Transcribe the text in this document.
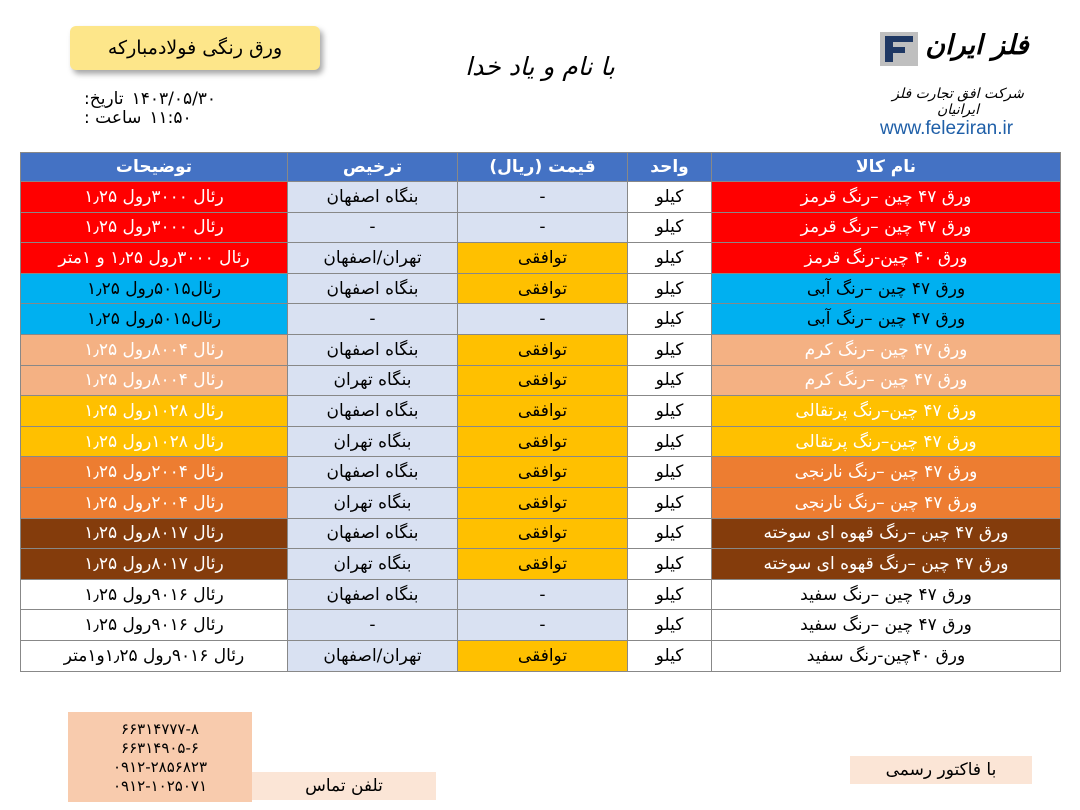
ورق رنگی فولادمبارکه
تاریخ: ۱۴۰۳/۰۵/۳۰
ساعت : ۱۱:۵۰
با نام و یاد خدا
فلز ایران
شرکت افق تجارت فلز ایرانیان
www.feleziran.ir
نام کالا	واحد	قیمت (ریال)	ترخیص	توضیحات
ورق ۴۷ چین –رنگ قرمز	کیلو	-	بنگاه اصفهان	رئال ۳۰۰۰رول ۱٫۲۵
ورق ۴۷ چین –رنگ قرمز	کیلو	-	-	رئال ۳۰۰۰رول ۱٫۲۵
ورق ۴۰ چین-رنگ قرمز	کیلو	توافقی	تهران/اصفهان	رئال ۳۰۰۰رول ۱٫۲۵ و ۱متر
ورق ۴۷ چین –رنگ آبی	کیلو	توافقی	بنگاه اصفهان	رئال۵۰۱۵رول ۱٫۲۵
ورق ۴۷ چین –رنگ آبی	کیلو	-	-	رئال۵۰۱۵رول ۱٫۲۵
ورق ۴۷ چین –رنگ کرم	کیلو	توافقی	بنگاه اصفهان	رئال ۸۰۰۴رول ۱٫۲۵
ورق ۴۷ چین –رنگ کرم	کیلو	توافقی	بنگاه تهران	رئال ۸۰۰۴رول ۱٫۲۵
ورق ۴۷ چین–رنگ پرتقالی	کیلو	توافقی	بنگاه اصفهان	رئال ۱۰۲۸رول ۱٫۲۵
ورق ۴۷ چین–رنگ پرتقالی	کیلو	توافقی	بنگاه تهران	رئال ۱۰۲۸رول ۱٫۲۵
ورق ۴۷ چین –رنگ نارنجی	کیلو	توافقی	بنگاه اصفهان	رئال ۲۰۰۴رول ۱٫۲۵
ورق ۴۷ چین –رنگ نارنجی	کیلو	توافقی	بنگاه تهران	رئال ۲۰۰۴رول ۱٫۲۵
ورق ۴۷ چین –رنگ قهوه ای سوخته	کیلو	توافقی	بنگاه اصفهان	رئال ۸۰۱۷رول ۱٫۲۵
ورق ۴۷ چین –رنگ قهوه ای سوخته	کیلو	توافقی	بنگاه تهران	رئال ۸۰۱۷رول ۱٫۲۵
ورق ۴۷ چین –رنگ سفید	کیلو	-	بنگاه اصفهان	رئال ۹۰۱۶رول ۱٫۲۵
ورق ۴۷ چین –رنگ سفید	کیلو	-	-	رئال ۹۰۱۶رول ۱٫۲۵
ورق ۴۰چین-رنگ سفید	کیلو	توافقی	تهران/اصفهان	رئال ۹۰۱۶رول ۱٫۲۵و۱متر
۶۶۳۱۴۷۷۷-۸
۶۶۳۱۴۹۰۵-۶
۰۹۱۲-۲۸۵۶۸۲۳
۰۹۱۲-۱۰۲۵۰۷۱	تلفن تماس
با فاکتور رسمی
